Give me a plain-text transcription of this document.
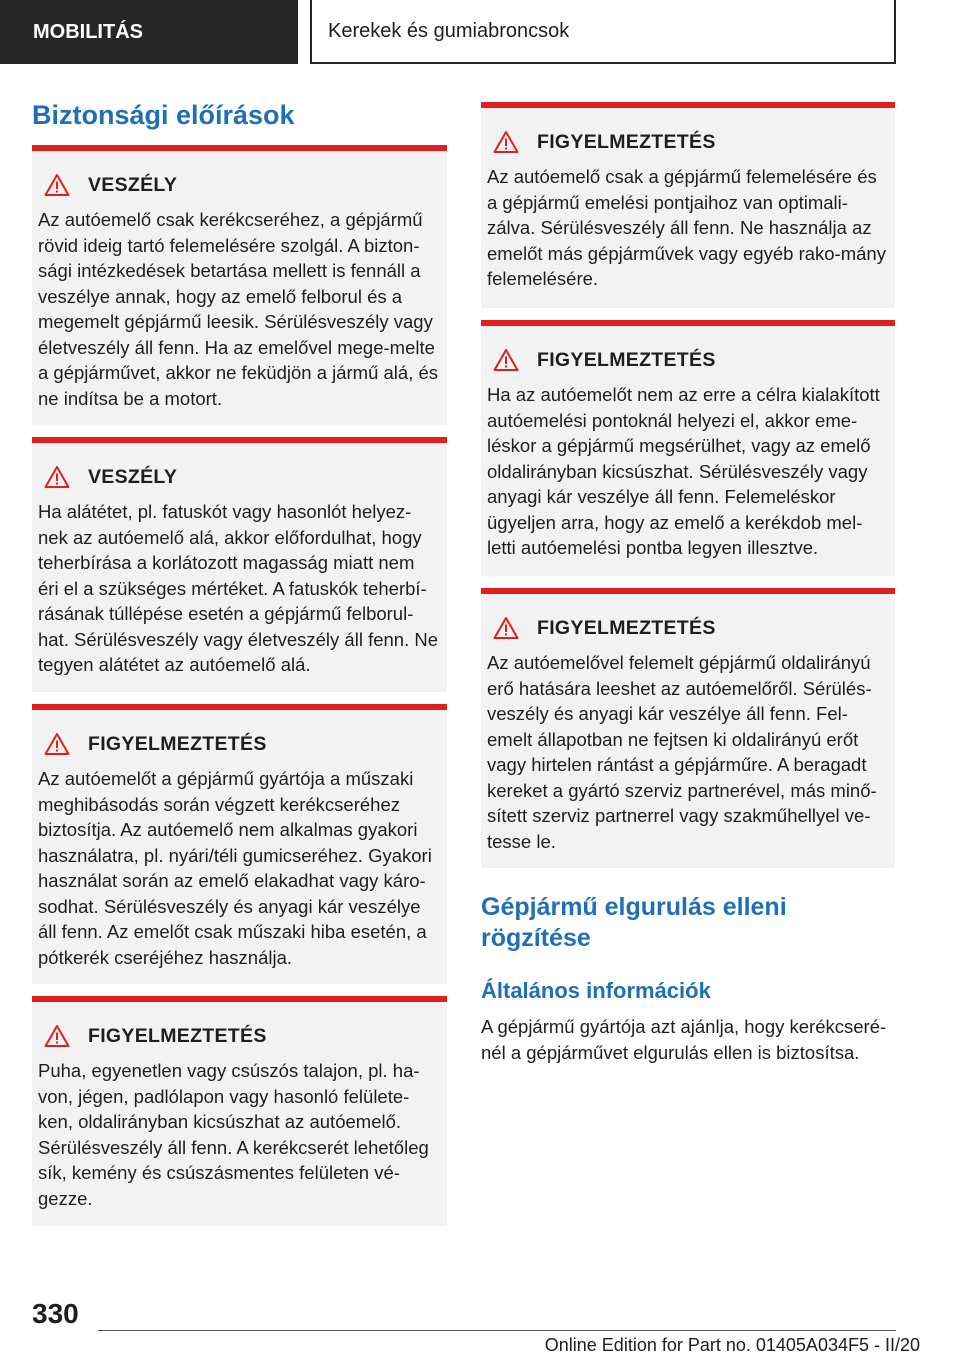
MOBILITÁS	Kerekek és gumiabroncsok
Biztonsági előírások
VESZÉLY
Az autóemelő csak kerékcseréhez, a gépjármű rövid ideig tartó felemelésére szolgál. A bizton-sági intézkedések betartása mellett is fennáll a veszélye annak, hogy az emelő felborul és a megemelt gépjármű leesik. Sérülésveszély vagy életveszély áll fenn. Ha az emelővel mege-melte a gépjárművet, akkor ne feküdjön a jármű alá, és ne indítsa be a motort.
VESZÉLY
Ha alátétet, pl. fatuskót vagy hasonlót helyez-nek az autóemelő alá, akkor előfordulhat, hogy teherbírása a korlátozott magasság miatt nem éri el a szükséges mértéket. A fatuskók teherbí-rásának túllépése esetén a gépjármű felborul-hat. Sérülésveszély vagy életveszély áll fenn. Ne tegyen alátétet az autóemelő alá.
FIGYELMEZTETÉS
Az autóemelőt a gépjármű gyártója a műszaki meghibásodás során végzett kerékcseréhez biztosítja. Az autóemelő nem alkalmas gyakori használatra, pl. nyári/téli gumicseréhez. Gyakori használat során az emelő elakadhat vagy káro-sodhat. Sérülésveszély és anyagi kár veszélye áll fenn. Az emelőt csak műszaki hiba esetén, a pótkerék cseréjéhez használja.
FIGYELMEZTETÉS
Puha, egyenetlen vagy csúszós talajon, pl. ha-von, jégen, padlólapon vagy hasonló felülete-ken, oldalirányban kicsúszhat az autóemelő. Sérülésveszély áll fenn. A kerékcserét lehetőleg sík, kemény és csúszásmentes felületen vé-gezze.
FIGYELMEZTETÉS
Az autóemelő csak a gépjármű felemelésére és a gépjármű emelési pontjaihoz van optimali-zálva. Sérülésveszély áll fenn. Ne használja az emelőt más gépjárművek vagy egyéb rako-mány felemelésére.
FIGYELMEZTETÉS
Ha az autóemelőt nem az erre a célra kialakított autóemelési pontoknál helyezi el, akkor eme-léskor a gépjármű megsérülhet, vagy az emelő oldalirányban kicsúszhat. Sérülésveszély vagy anyagi kár veszélye áll fenn. Felemeléskor ügyeljen arra, hogy az emelő a kerékdob mel-letti autóemelési pontba legyen illesztve.
FIGYELMEZTETÉS
Az autóemelővel felemelt gépjármű oldalirányú erő hatására leeshet az autóemelőről. Sérülés-veszély és anyagi kár veszélye áll fenn. Fel-emelt állapotban ne fejtsen ki oldalirányú erőt vagy hirtelen rántást a gépjárműre. A beragadt kereket a gyártó szerviz partnerével, más minő-sített szerviz partnerrel vagy szakműhellyel ve-tesse le.
Gépjármű elgurulás elleni rögzítése
Általános információk
A gépjármű gyártója azt ajánlja, hogy kerékcseré-nél a gépjárművet elgurulás ellen is biztosítsa.
330
Online Edition for Part no. 01405A034F5 - II/20
